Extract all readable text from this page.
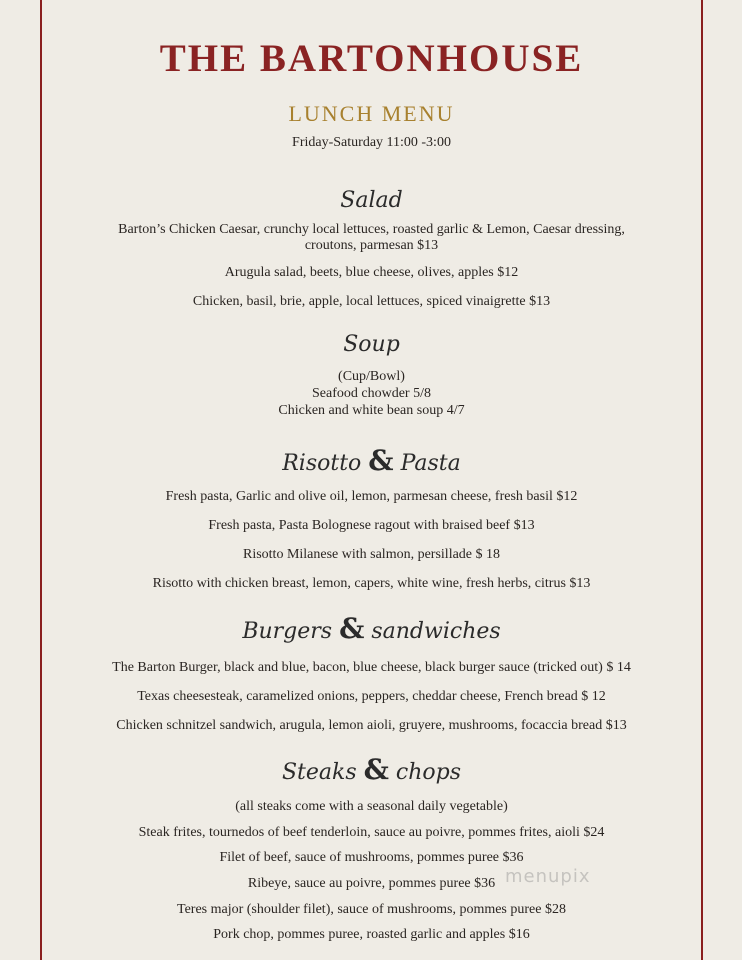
THE BARTONHOUSE
LUNCH MENU
Friday-Saturday 11:00 -3:00

Salad

Barton’s Chicken Caesar, crunchy local lettuces, roasted garlic & Lemon, Caesar dressing,

croutons, parmesan $13

Arugula salad, beets, blue cheese, olives, apples $12

Chicken, basil, brie, apple, local lettuces, spiced vinaigrette $13

Soup

(Cup/Bowl)

Seafood chowder 5/8

Chicken and white bean soup 4/7

Risotto & Pasta

Fresh pasta, Garlic and olive oil, lemon, parmesan cheese, fresh basil $12

Fresh pasta, Pasta Bolognese ragout with braised beef $13

Risotto Milanese with salmon, persillade $ 18

Risotto with chicken breast, lemon, capers, white wine, fresh herbs, citrus $13

Burgers & sandwiches

The Barton Burger, black and blue, bacon, blue cheese, black burger sauce (tricked out) $ 14

Texas cheesesteak, caramelized onions, peppers, cheddar cheese, French bread $ 12

Chicken schnitzel sandwich, arugula, lemon aioli, gruyere, mushrooms, focaccia bread $13

Steaks & chops

(all steaks come with a seasonal daily vegetable)

Steak frites, tournedos of beef tenderloin, sauce au poivre, pommes frites, aioli $24

Filet of beef, sauce of mushrooms, pommes puree $36

Ribeye, sauce au poivre, pommes puree $36

Teres major (shoulder filet), sauce of mushrooms, pommes puree $28

Pork chop, pommes puree, roasted garlic and apples $16

menupix
